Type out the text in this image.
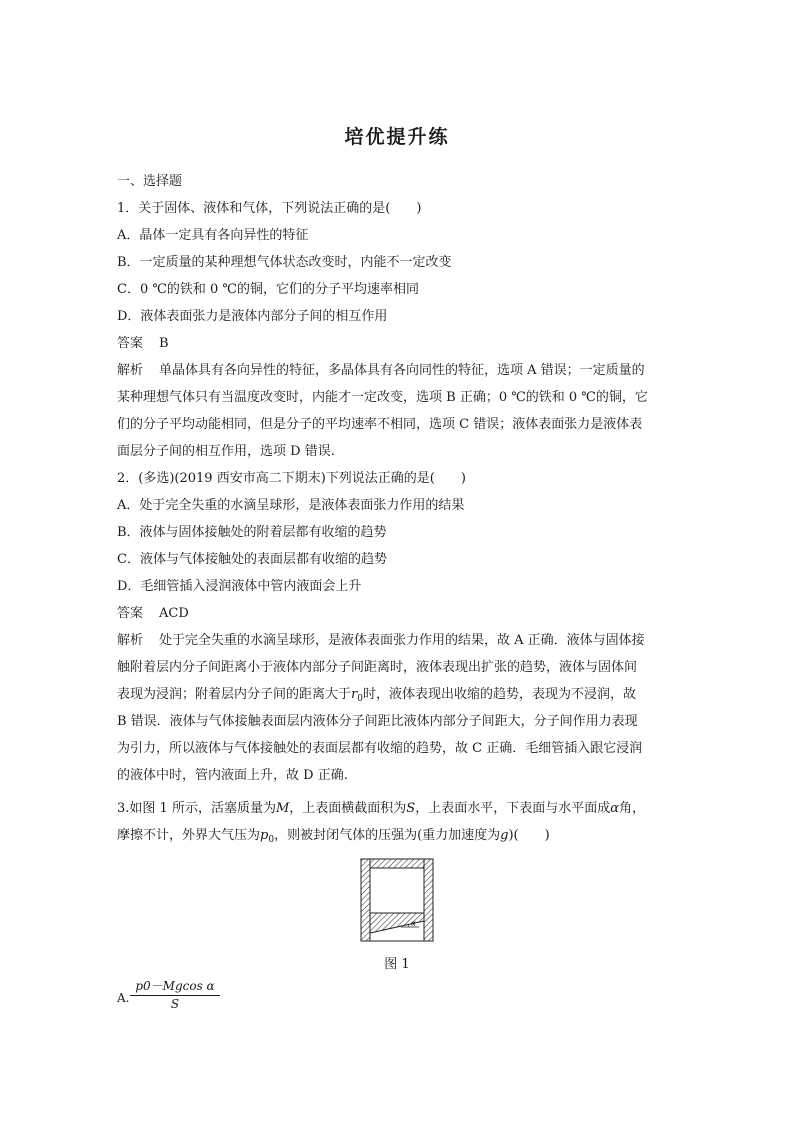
培优提升练
一、选择题
1．关于固体、液体和气体，下列说法正确的是(　　)
A．晶体一定具有各向异性的特征
B．一定质量的某种理想气体状态改变时，内能不一定改变
C．0 ℃的铁和 0 ℃的铜，它们的分子平均速率相同
D．液体表面张力是液体内部分子间的相互作用
答案 B
解析 单晶体具有各向异性的特征，多晶体具有各向同性的特征，选项 A 错误；一定质量的
某种理想气体只有当温度改变时，内能才一定改变，选项 B 正确；0 ℃的铁和 0 ℃的铜，它
们的分子平均动能相同，但是分子的平均速率不相同，选项 C 错误；液体表面张力是液体表
面层分子间的相互作用，选项 D 错误.
2．(多选)(2019 西安市高二下期末)下列说法正确的是(　　)
A．处于完全失重的水滴呈球形，是液体表面张力作用的结果
B．液体与固体接触处的附着层都有收缩的趋势
C．液体与气体接触处的表面层都有收缩的趋势
D．毛细管插入浸润液体中管内液面会上升
答案 ACD
解析 处于完全失重的水滴呈球形，是液体表面张力作用的结果，故 A 正确．液体与固体接
触附着层内分子间距离小于液体内部分子间距离时，液体表现出扩张的趋势，液体与固体间
表现为浸润；附着层内分子间的距离大于$r_0$时，液体表现出收缩的趋势，表现为不浸润，故
B 错误．液体与气体接触表面层内液体分子间距比液体内部分子间距大，分子间作用力表现
为引力，所以液体与气体接触处的表面层都有收缩的趋势，故 C 正确．毛细管插入跟它浸润
的液体中时，管内液面上升，故 D 正确.
3.如图 1 所示，活塞质量为M，上表面横截面积为S，上表面水平，下表面与水平面成α角，
摩擦不计，外界大气压为$p_0$，则被封闭气体的压强为(重力加速度为g)(　　)
α
图 1
A. $\frac{\text{p0－Mgcos α}}{S}$
